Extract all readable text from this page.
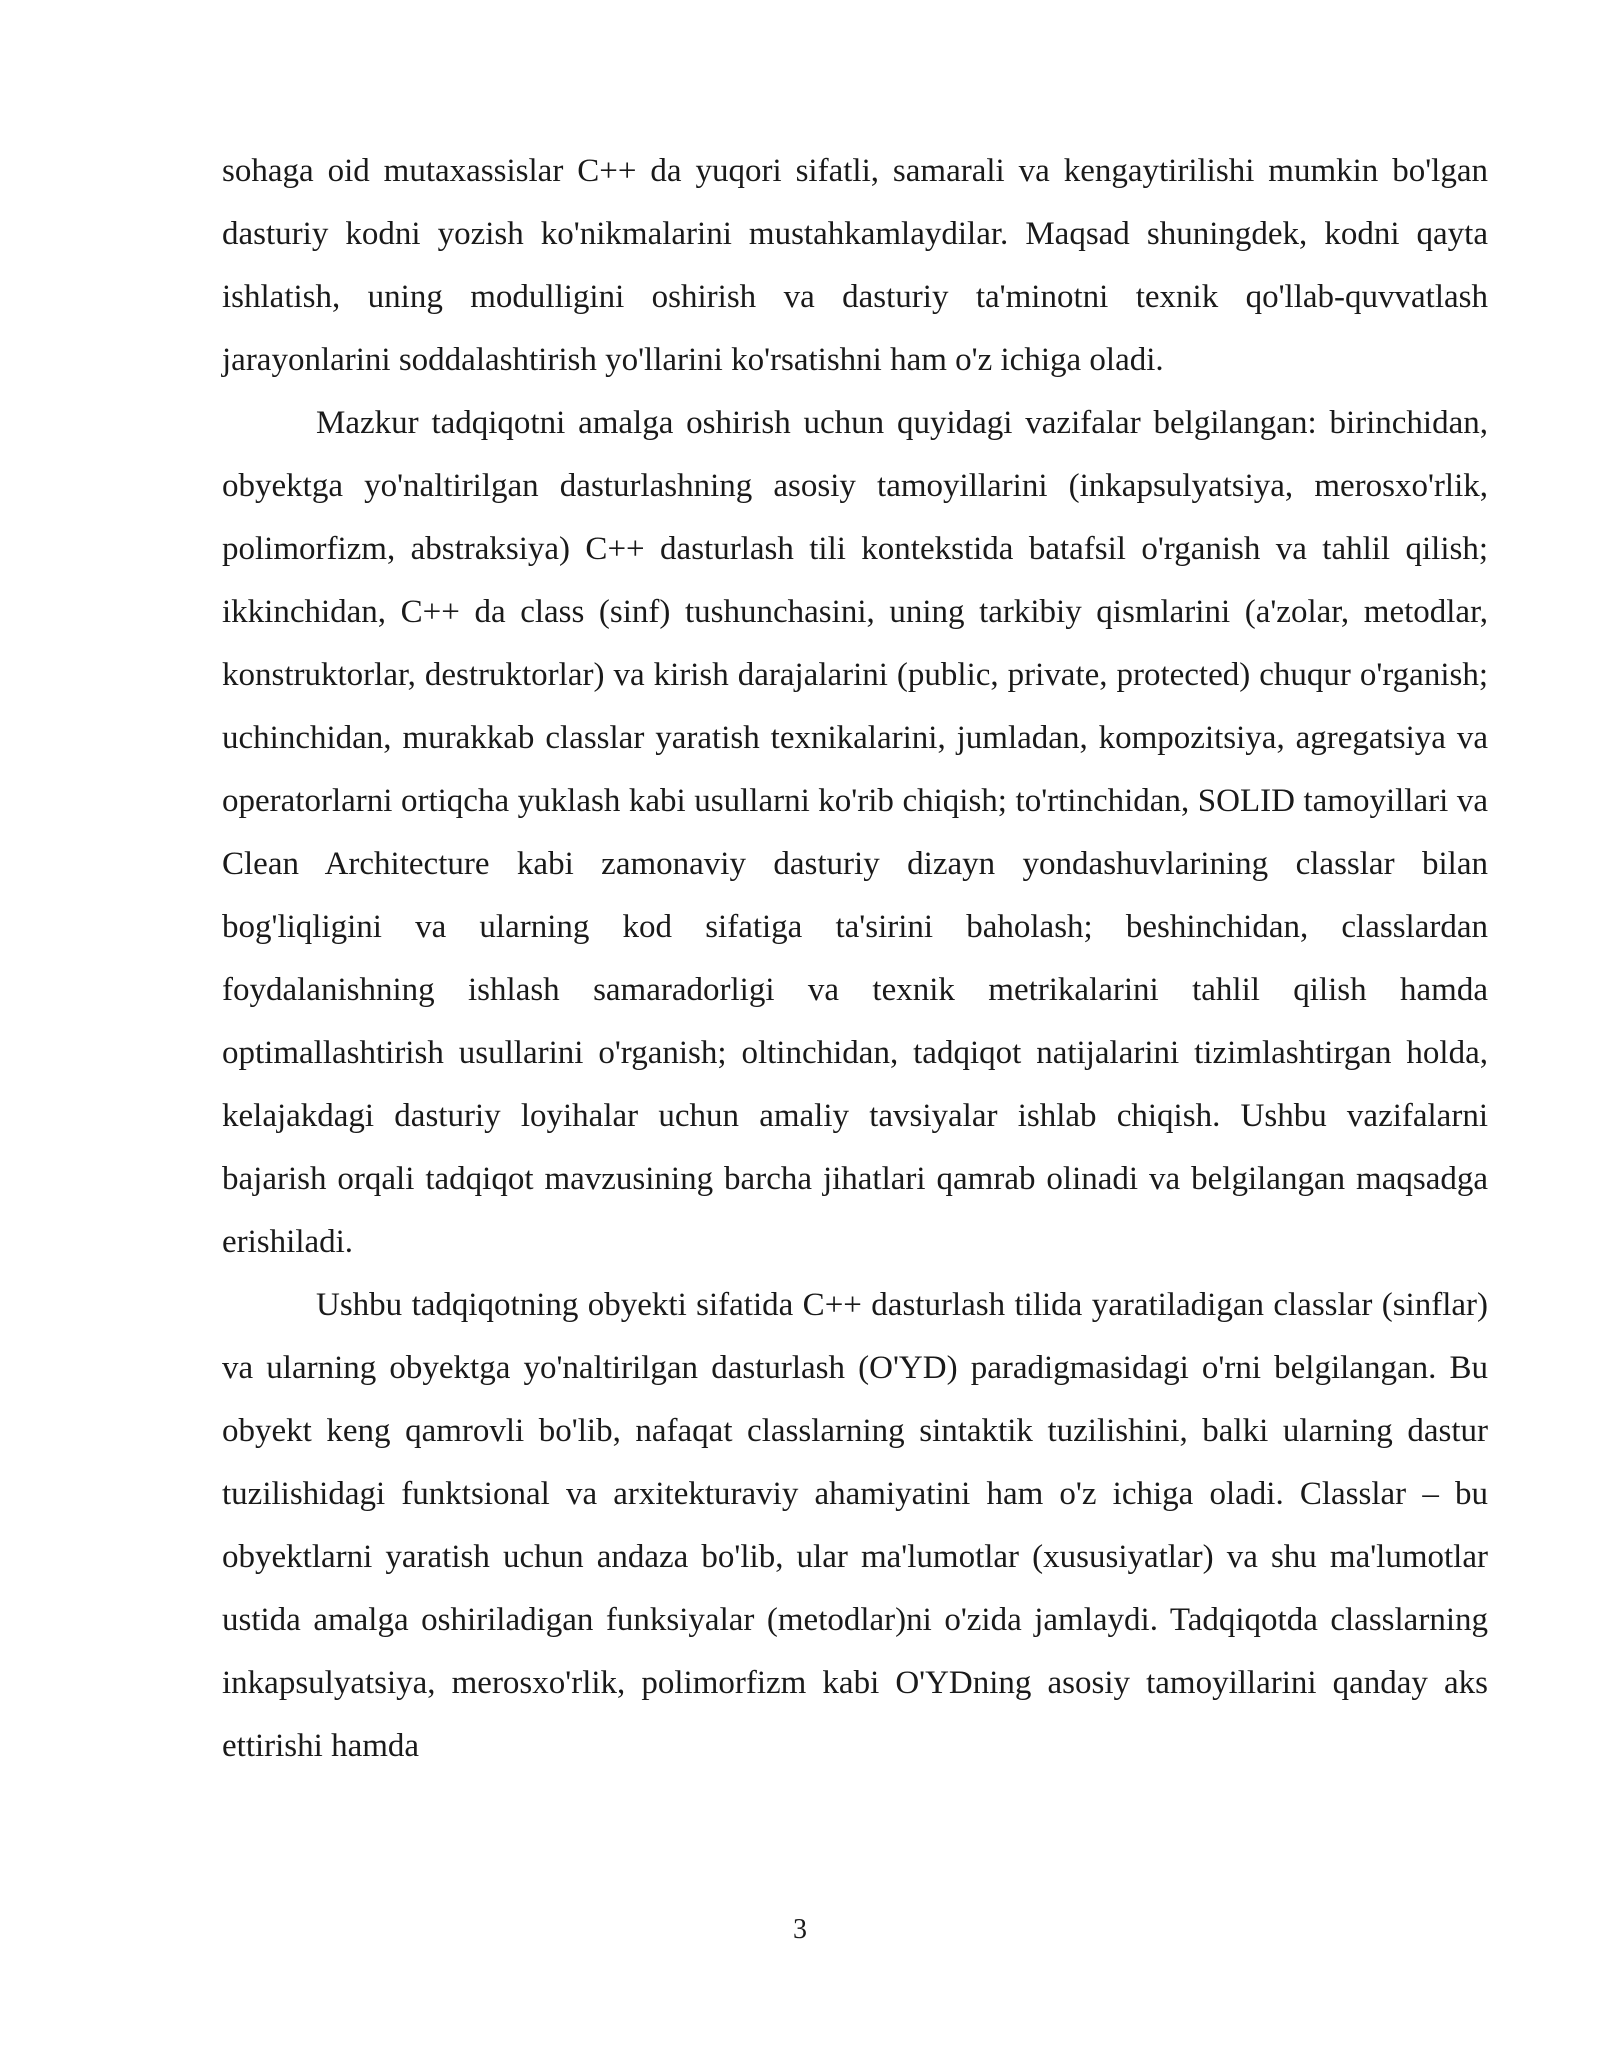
sohaga oid mutaxassislar C++ da yuqori sifatli, samarali va kengaytirilishi mumkin bo'lgan dasturiy kodni yozish ko'nikmalarini mustahkamlaydilar. Maqsad shuningdek, kodni qayta ishlatish, uning modulligini oshirish va dasturiy ta'minotni texnik qo'llab-quvvatlash jarayonlarini soddalashtirish yo'llarini ko'rsatishni ham o'z ichiga oladi.

Mazkur tadqiqotni amalga oshirish uchun quyidagi vazifalar belgilangan: birinchidan, obyektga yo'naltirilgan dasturlashning asosiy tamoyillarini (inkapsulyatsiya, merosxo'rlik, polimorfizm, abstraksiya) C++ dasturlash tili kontekstida batafsil o'rganish va tahlil qilish; ikkinchidan, C++ da class (sinf) tushunchasini, uning tarkibiy qismlarini (a'zolar, metodlar, konstruktorlar, destruktorlar) va kirish darajalarini (public, private, protected) chuqur o'rganish; uchinchidan, murakkab classlar yaratish texnikalarini, jumladan, kompozitsiya, agregatsiya va operatorlarni ortiqcha yuklash kabi usullarni ko'rib chiqish; to'rtinchidan, SOLID tamoyillari va Clean Architecture kabi zamonaviy dasturiy dizayn yondashuvlarining classlar bilan bog'liqligini va ularning kod sifatiga ta'sirini baholash; beshinchidan, classlardan foydalanishning ishlash samaradorligi va texnik metrikalarini tahlil qilish hamda optimallashtirish usullarini o'rganish; oltinchidan, tadqiqot natijalarini tizimlashtirgan holda, kelajakdagi dasturiy loyihalar uchun amaliy tavsiyalar ishlab chiqish. Ushbu vazifalarni bajarish orqali tadqiqot mavzusining barcha jihatlari qamrab olinadi va belgilangan maqsadga erishiladi.

Ushbu tadqiqotning obyekti sifatida C++ dasturlash tilida yaratiladigan classlar (sinflar) va ularning obyektga yo'naltirilgan dasturlash (O'YD) paradigmasidagi o'rni belgilangan. Bu obyekt keng qamrovli bo'lib, nafaqat classlarning sintaktik tuzilishini, balki ularning dastur tuzilishidagi funktsional va arxitekturaviy ahamiyatini ham o'z ichiga oladi. Classlar – bu obyektlarni yaratish uchun andaza bo'lib, ular ma'lumotlar (xususiyatlar) va shu ma'lumotlar ustida amalga oshiriladigan funksiyalar (metodlar)ni o'zida jamlaydi. Tadqiqotda classlarning inkapsulyatsiya, merosxo'rlik, polimorfizm kabi O'YDning asosiy tamoyillarini qanday aks ettirishi hamda

3
